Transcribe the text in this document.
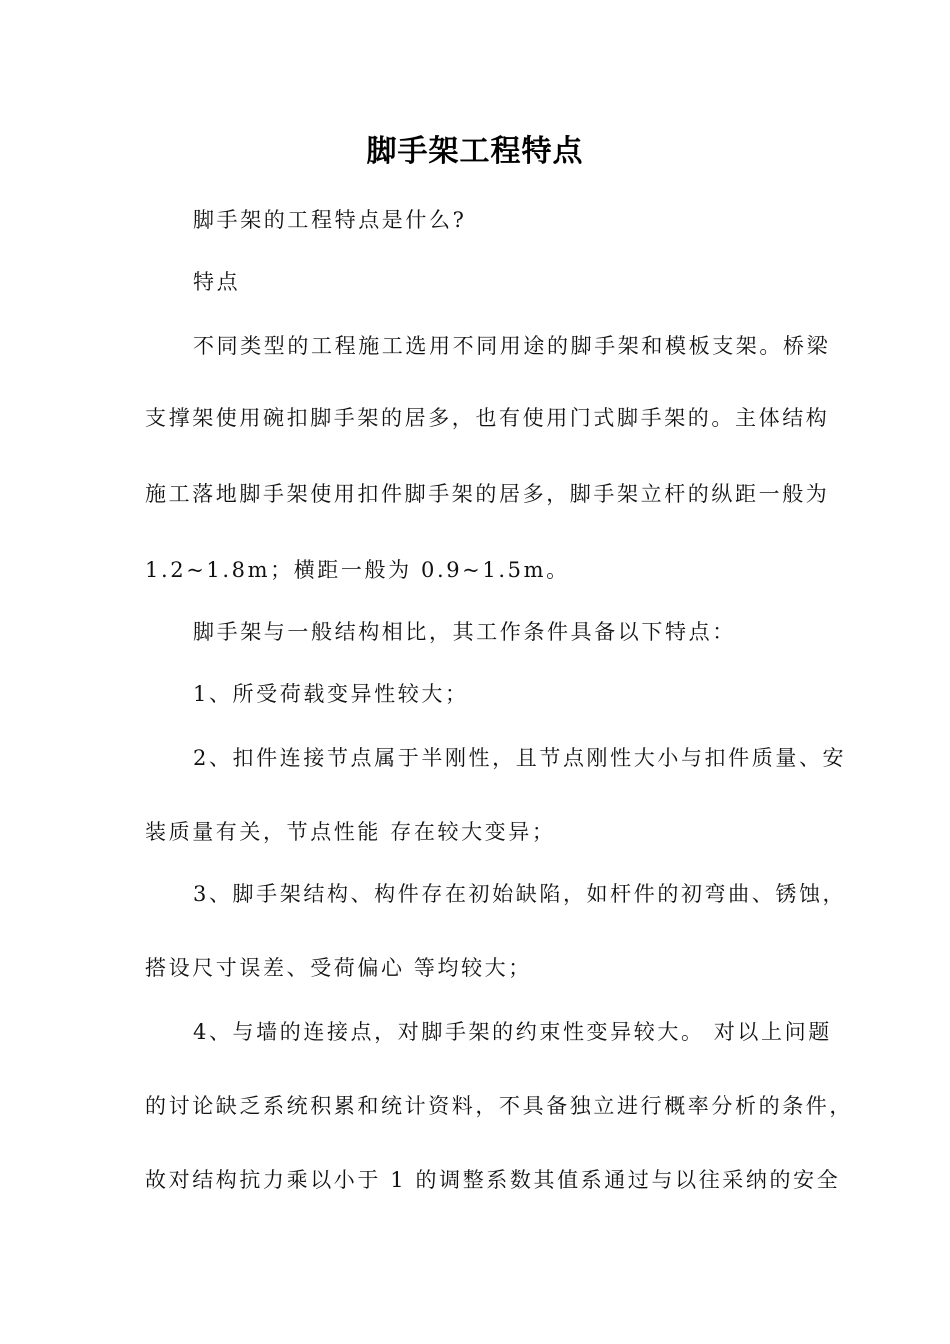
脚手架工程特点

脚手架的工程特点是什么?

特点

不同类型的工程施工选用不同用途的脚手架和模板支架。桥梁

支撑架使用碗扣脚手架的居多，也有使用门式脚手架的。主体结构

施工落地脚手架使用扣件脚手架的居多，脚手架立杆的纵距一般为

1.2~1.8m；横距一般为 0.9~1.5m。

脚手架与一般结构相比，其工作条件具备以下特点：

1、所受荷载变异性较大；

2、扣件连接节点属于半刚性，且节点刚性大小与扣件质量、安

装质量有关，节点性能 存在较大变异；

3、脚手架结构、构件存在初始缺陷，如杆件的初弯曲、锈蚀，

搭设尺寸误差、受荷偏心 等均较大；

4、与墙的连接点，对脚手架的约束性变异较大。 对以上问题

的讨论缺乏系统积累和统计资料，不具备独立进行概率分析的条件，

故对结构抗力乘以小于 1 的调整系数其值系通过与以往采纳的安全
